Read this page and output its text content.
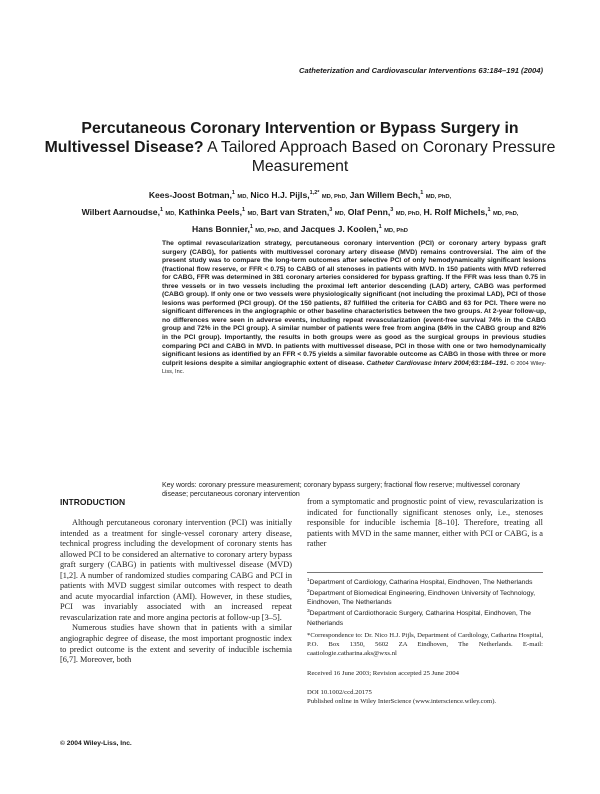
Catheterization and Cardiovascular Interventions 63:184–191 (2004)
Percutaneous Coronary Intervention or Bypass Surgery in Multivessel Disease? A Tailored Approach Based on Coronary Pressure Measurement
Kees-Joost Botman,$^1$ MD, Nico H.J. Pijls,$^{1,2*}$ MD, PhD, Jan Willem Bech,$^1$ MD, PhD,
Wilbert Aarnoudse,$^1$ MD, Kathinka Peels,$^1$ MD, Bart van Straten,$^3$ MD, Olaf Penn,$^3$ MD, PhD, H. Rolf Michels,$^1$ MD, PhD,
Hans Bonnier,$^1$ MD, PhD, and Jacques J. Koolen,$^1$ MD, PhD
The optimal revascularization strategy, percutaneous coronary intervention (PCI) or coronary artery bypass graft surgery (CABG), for patients with multivessel coronary artery disease (MVD) remains controversial. The aim of the present study was to compare the long-term outcomes after selective PCI of only hemodynamically significant lesions (fractional flow reserve, or FFR < 0.75) to CABG of all stenoses in patients with MVD. In 150 patients with MVD referred for CABG, FFR was determined in 381 coronary arteries considered for bypass grafting. If the FFR was less than 0.75 in three vessels or in two vessels including the proximal left anterior descending (LAD) artery, CABG was performed (CABG group). If only one or two vessels were physiologically significant (not including the proximal LAD), PCI of those lesions was performed (PCI group). Of the 150 patients, 87 fulfilled the criteria for CABG and 63 for PCI. There were no significant differences in the angiographic or other baseline characteristics between the two groups. At 2-year follow-up, no differences were seen in adverse events, including repeat revascularization (event-free survival 74% in the CABG group and 72% in the PCI group). A similar number of patients were free from angina (84% in the CABG group and 82% in the PCI group). Importantly, the results in both groups were as good as the surgical groups in previous studies comparing PCI and CABG in MVD. In patients with multivessel disease, PCI in those with one or two hemodynamically significant lesions as identified by an FFR < 0.75 yields a similar favorable outcome as CABG in those with three or more culprit lesions despite a similar angiographic extent of disease. Catheter Cardiovasc Interv 2004;63:184–191. © 2004 Wiley-Liss, Inc.
Key words: coronary pressure measurement; coronary bypass surgery; fractional flow reserve; multivessel coronary disease; percutaneous coronary intervention
INTRODUCTION

Although percutaneous coronary intervention (PCI) was initially intended as a treatment for single-vessel coronary artery disease, technical progress including the development of coronary stents has allowed PCI to be considered an alternative to coronary artery bypass graft surgery (CABG) in patients with multivessel disease (MVD) [1,2]. A number of randomized studies comparing CABG and PCI in patients with MVD suggest similar outcomes with respect to death and acute myocardial infarction (AMI). However, in these studies, PCI was invariably associated with an increased repeat revascularization rate and more angina pectoris at follow-up [3–5].

Numerous studies have shown that in patients with a similar angiographic degree of disease, the most important prognostic index to predict outcome is the extent and severity of inducible ischemia [6,7]. Moreover, both

from a symptomatic and prognostic point of view, revascularization is indicated for functionally significant stenoses only, i.e., stenoses responsible for inducible ischemia [8–10]. Therefore, treating all patients with MVD in the same manner, either with PCI or CABG, is a rather

$^1$Department of Cardiology, Catharina Hospital, Eindhoven, The Netherlands
$^2$Department of Biomedical Engineering, Eindhoven University of Technology, Eindhoven, The Netherlands
$^3$Department of Cardiothoracic Surgery, Catharina Hospital, Eindhoven, The Netherlands
*Correspondence to: Dr. Nico H.J. Pijls, Department of Cardiology, Catharina Hospital, P.O. Box 1350, 5602 ZA Eindhoven, The Netherlands. E-mail: caatiologie.catharina.aks@wxs.nl
Received 16 June 2003; Revision accepted 25 June 2004
DOI 10.1002/ccd.20175
Published online in Wiley InterScience (www.interscience.wiley.com).
© 2004 Wiley-Liss, Inc.
